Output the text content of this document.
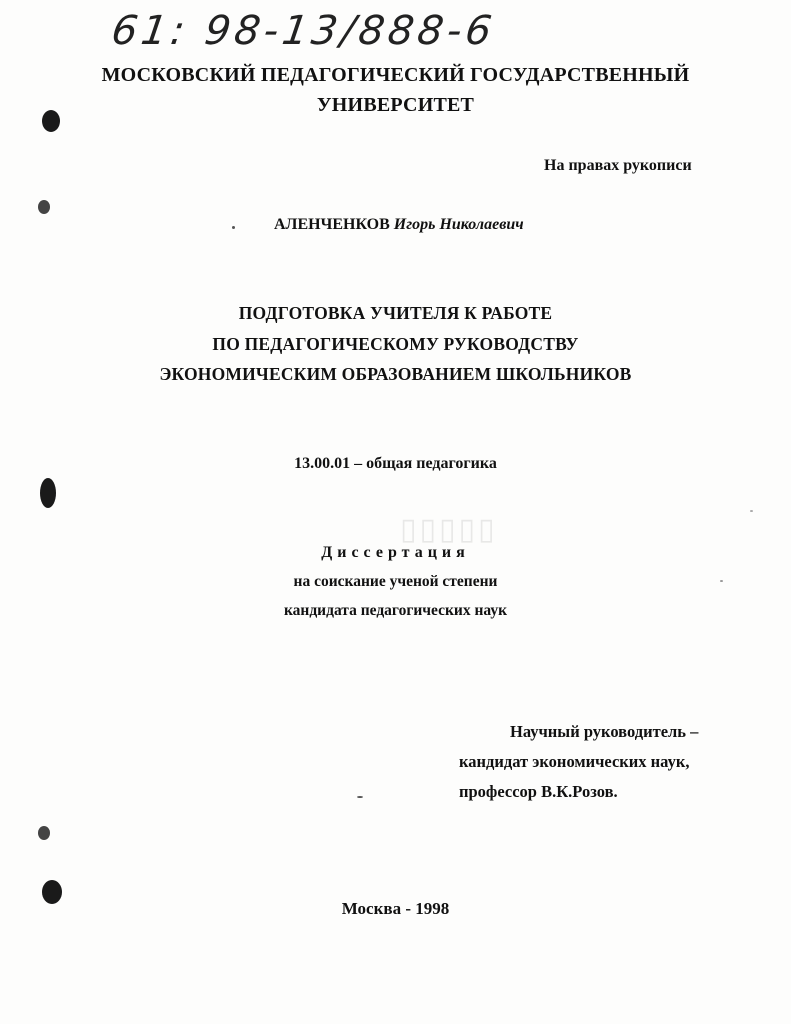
61: 98-13/888-6
▯▯▯▯▯
МОСКОВСКИЙ ПЕДАГОГИЧЕСКИЙ ГОСУДАРСТВЕННЫЙ
УНИВЕРСИТЕТ
На правах рукописи
АЛЕНЧЕНКОВ Игорь Николаевич
ПОДГОТОВКА УЧИТЕЛЯ К РАБОТЕ
ПО ПЕДАГОГИЧЕСКОМУ РУКОВОДСТВУ
ЭКОНОМИЧЕСКИМ ОБРАЗОВАНИЕМ ШКОЛЬНИКОВ
13.00.01 – общая педагогика
Диссертация
на соискание ученой степени
кандидата педагогических наук
Научный руководитель –
кандидат экономических наук,
профессор В.К.Розов.
Москва - 1998
